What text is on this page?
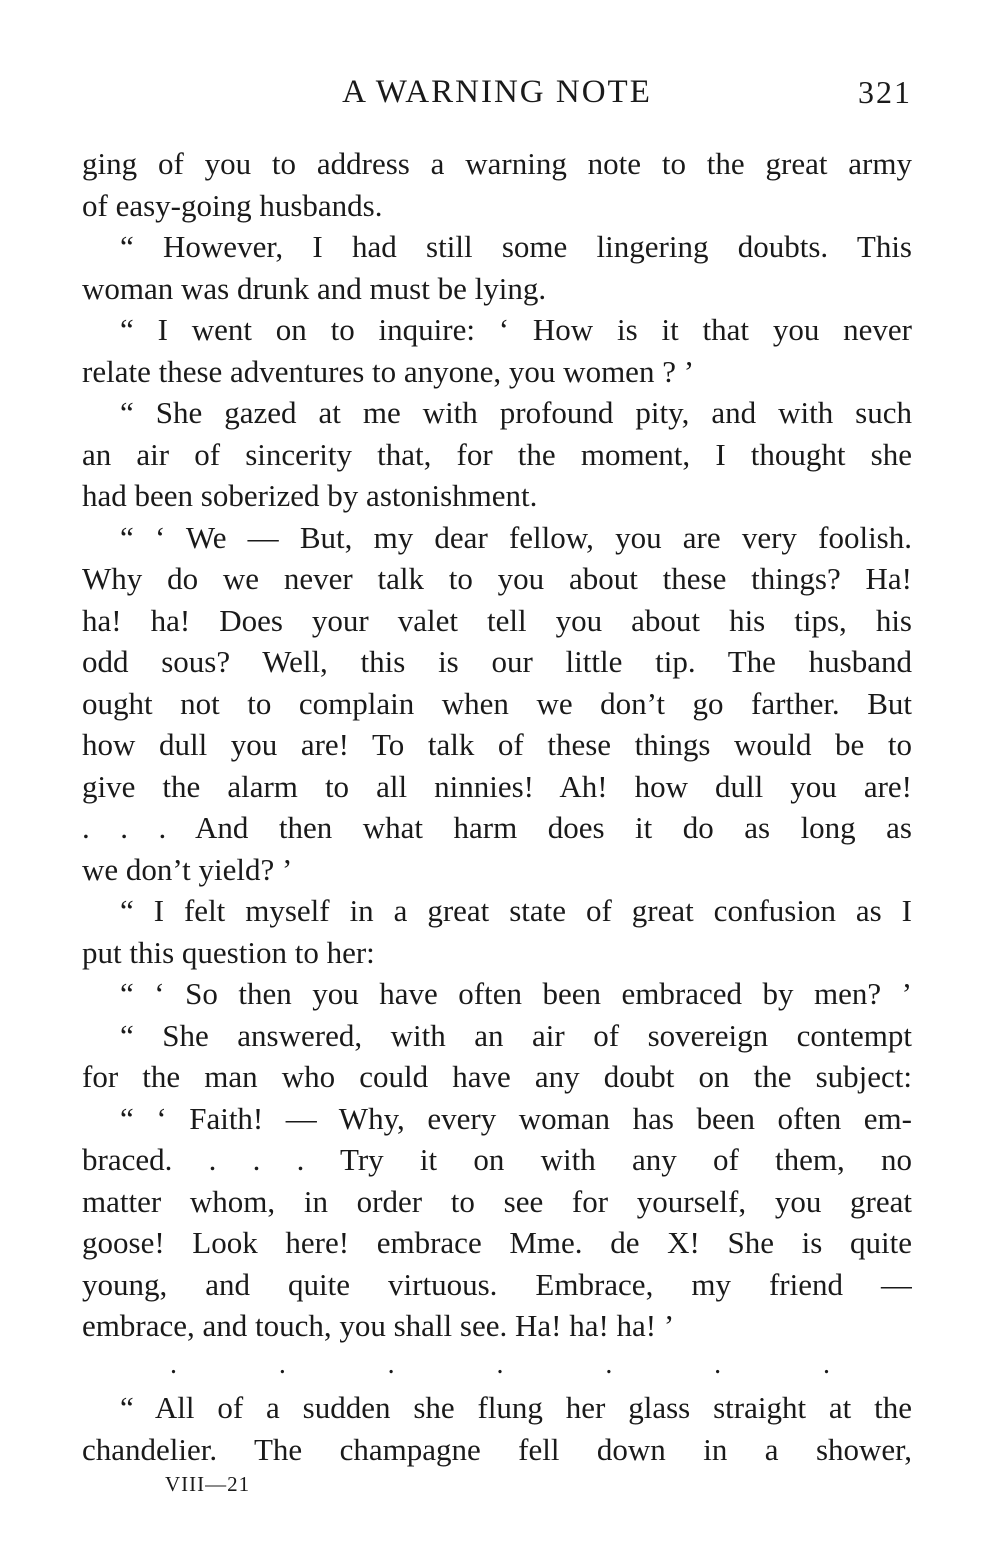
A WARNING NOTE	321
ging of you to address a warning note to the great army
of easy-going husbands.
“ However, I had still some lingering doubts. This
woman was drunk and must be lying.
“ I went on to inquire: ‘ How is it that you never
relate these adventures to anyone, you women ? ’
“ She gazed at me with profound pity, and with such
an air of sincerity that, for the moment, I thought she
had been soberized by astonishment.
“ ‘ We — But, my dear fellow, you are very foolish.
Why do we never talk to you about these things? Ha!
ha! ha! Does your valet tell you about his tips, his
odd sous? Well, this is our little tip. The husband
ought not to complain when we don’t go farther. But
how dull you are! To talk of these things would be to
give the alarm to all ninnies! Ah! how dull you are!
. . . And then what harm does it do as long as
we don’t yield? ’
“ I felt myself in a great state of great confusion as I
put this question to her:
“ ‘ So then you have often been embraced by men? ’
“ She answered, with an air of sovereign contempt
for the man who could have any doubt on the subject:
“ ‘ Faith! — Why, every woman has been often em-
braced. . . . Try it on with any of them, no
matter whom, in order to see for yourself, you great
goose! Look here! embrace Mme. de X! She is quite
young, and quite virtuous. Embrace, my friend —
embrace, and touch, you shall see. Ha! ha! ha! ’
.	.	.	.	.	.	.
“ All of a sudden she flung her glass straight at the
chandelier. The champagne fell down in a shower,
VIII—21
